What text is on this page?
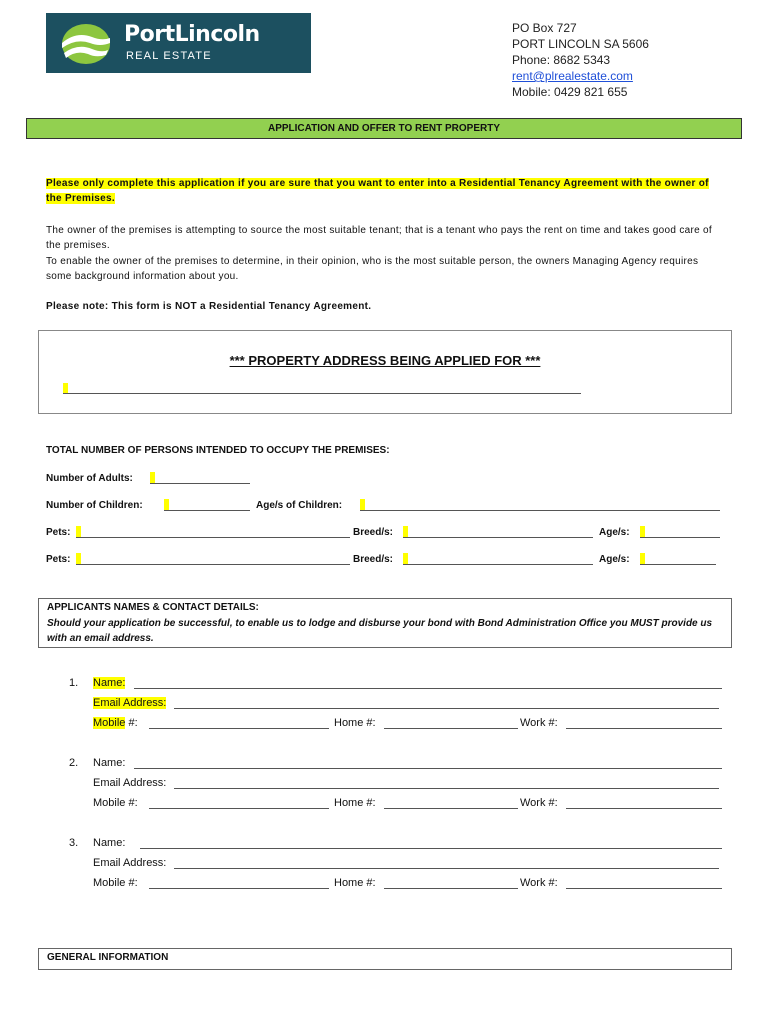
PortLincoln
REAL ESTATE
PO Box 727
PORT LINCOLN SA 5606
Phone: 8682 5343
rent@plrealestate.com
Mobile: 0429 821 655
APPLICATION AND OFFER TO RENT PROPERTY
Please only complete this application if you are sure that you want to enter into a Residential Tenancy Agreement with the owner of the Premises.
The owner of the premises is attempting to source the most suitable tenant; that is a tenant who pays the rent on time and takes good care of the premises.
To enable the owner of the premises to determine, in their opinion, who is the most suitable person, the owners Managing Agency requires some background information about you.
Please note: This form is NOT a Residential Tenancy Agreement.
*** PROPERTY ADDRESS BEING APPLIED FOR ***
TOTAL NUMBER OF PERSONS INTENDED TO OCCUPY THE PREMISES:
Number of Adults:
Number of Children:	Age/s of Children:
Pets:	Breed/s:	Age/s:
Pets:	Breed/s:	Age/s:
APPLICANTS NAMES & CONTACT DETAILS:
Should your application be successful, to enable us to lodge and disburse your bond with Bond Administration Office you MUST provide us with an email address.
1. Name:
Email Address:
Mobile #:	Home #:	Work #:
2. Name:
Email Address:
Mobile #:	Home #:	Work #:
3. Name:
Email Address:
Mobile #:	Home #:	Work #:
GENERAL INFORMATION
